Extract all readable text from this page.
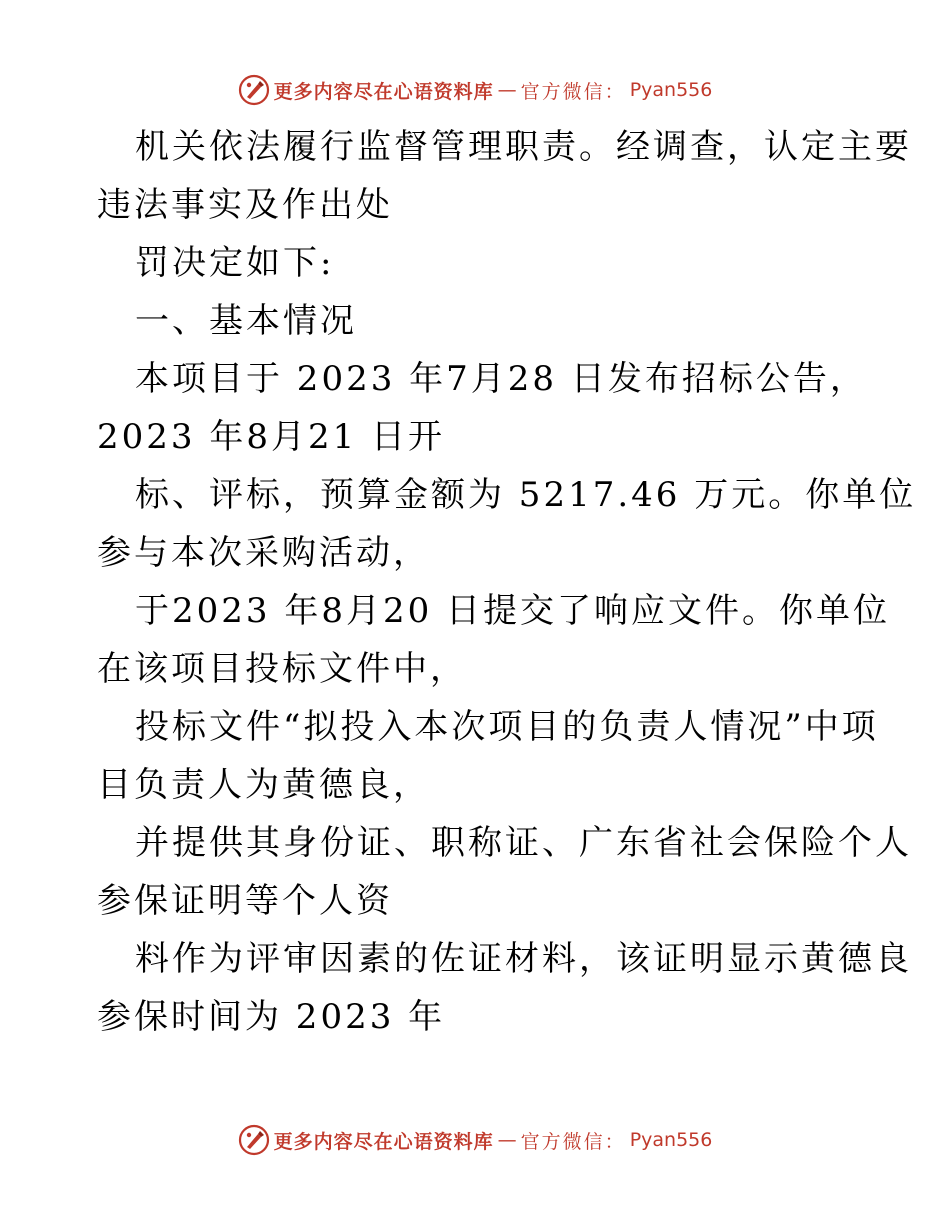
更多内容尽在心语资料库 — 官方微信： Pyan556
机关依法履行监督管理职责。经调查，认定主要
违法事实及作出处
罚决定如下:
一、基本情况
本项目于 2023 年7月28 日发布招标公告，
2023 年8月21 日开
标、评标，预算金额为 5217.46 万元。你单位
参与本次采购活动，
于2023 年8月20 日提交了响应文件。你单位
在该项目投标文件中，
投标文件“拟投入本次项目的负责人情况”中项
目负责人为黄德良，
并提供其身份证、职称证、广东省社会保险个人
参保证明等个人资
料作为评审因素的佐证材料，该证明显示黄德良
参保时间为 2023 年
更多内容尽在心语资料库 — 官方微信： Pyan556
